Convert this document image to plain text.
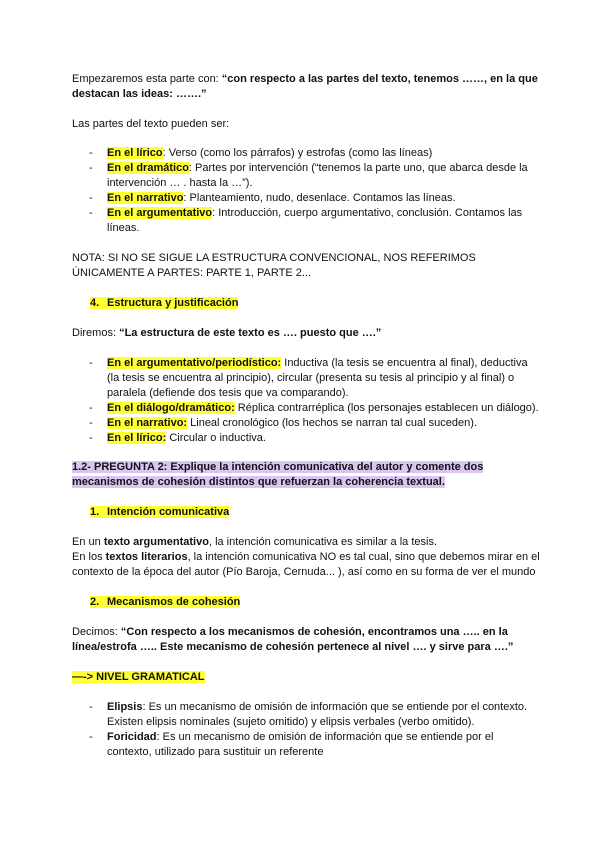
Empezaremos esta parte con: “con respecto a las partes del texto, tenemos ……, en la que destacan las ideas: …….”

Las partes del texto pueden ser:

- En el lírico: Verso (como los párrafos) y estrofas (como las líneas)
- En el dramático: Partes por intervención (“tenemos la parte uno, que abarca desde la intervención … . hasta la …”).
- En el narrativo: Planteamiento, nudo, desenlace. Contamos las líneas.
- En el argumentativo: Introducción, cuerpo argumentativo, conclusión. Contamos las líneas.

NOTA: SI NO SE SIGUE LA ESTRUCTURA CONVENCIONAL, NOS REFERIMOS ÚNICAMENTE A PARTES: PARTE 1, PARTE 2...

4. Estructura y justificación

Diremos: “La estructura de este texto es …. puesto que ….”

- En el argumentativo/periodístico: Inductiva (la tesis se encuentra al final), deductiva (la tesis se encuentra al principio), circular (presenta su tesis al principio y al final) o paralela (defiende dos tesis que va comparando).
- En el diálogo/dramático: Réplica contrarréplica (los personajes establecen un diálogo).
- En el narrativo: Lineal cronológico (los hechos se narran tal cual suceden).
- En el lírico: Circular o inductiva.

1.2- PREGUNTA 2: Explique la intención comunicativa del autor y comente dos mecanismos de cohesión distintos que refuerzan la coherencia textual.

1. Intención comunicativa

En un texto argumentativo, la intención comunicativa es similar a la tesis.

En los textos literarios, la intención comunicativa NO es tal cual, sino que debemos mirar en el contexto de la época del autor (Pío Baroja, Cernuda... ), así como en su forma de ver el mundo

2. Mecanismos de cohesión

Decimos: “Con respecto a los mecanismos de cohesión, encontramos una ….. en la línea/estrofa ….. Este mecanismo de cohesión pertenece al nivel …. y sirve para ….”

—-> NIVEL GRAMATICAL

- Elipsis: Es un mecanismo de omisión de información que se entiende por el contexto. Existen elipsis nominales (sujeto omitido) y elipsis verbales (verbo omitido).
- Foricidad: Es un mecanismo de omisión de información que se entiende por el contexto, utilizado para sustituir un referente
